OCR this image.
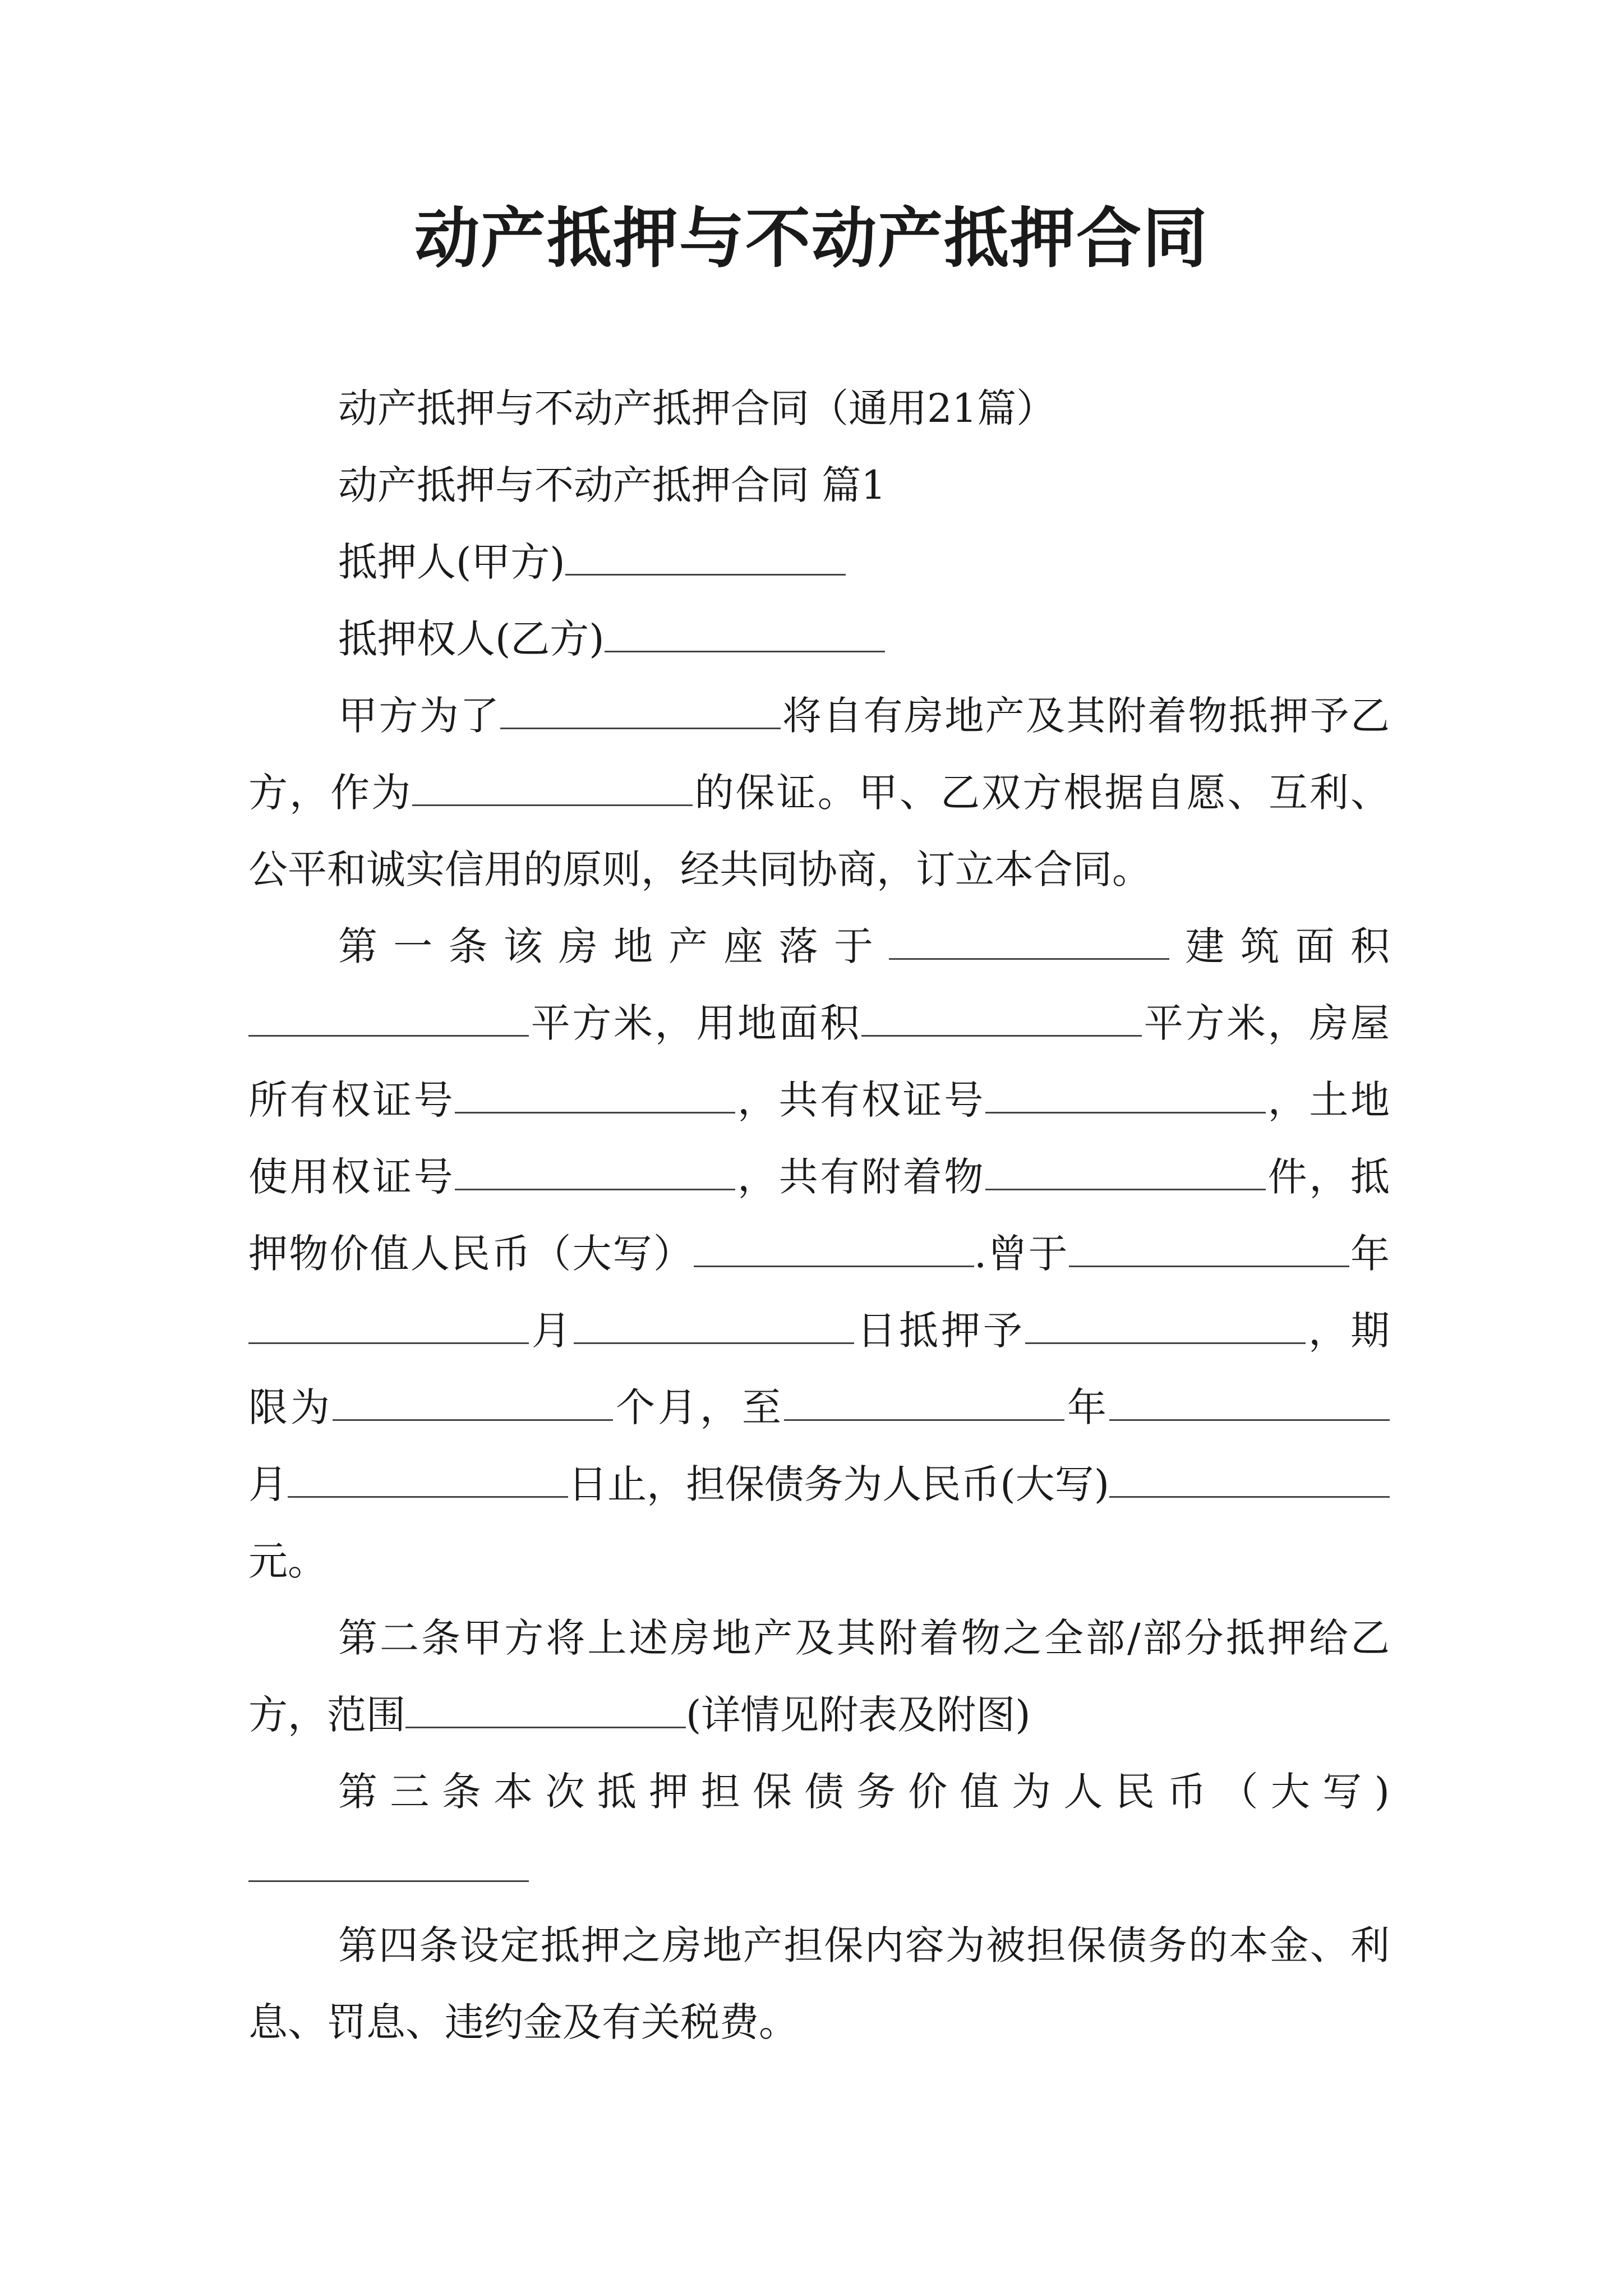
动产抵押与不动产抵押合同
动产抵押与不动产抵押合同（通用21篇）
动产抵押与不动产抵押合同 篇1
抵押人(甲方)
抵押权人(乙方)
甲方为了	将自有房地产及其附着物抵押予乙方，作为	的保证。甲、乙双方根据自愿、互利、公平和诚实信用的原则，经共同协商，订立本合同。
第一条该房地产座落于	建筑面积平方米，用地面积	平方米，房屋所有权证号	，共有权证号	，土地使用权证号	，共有附着物	件，抵押物价值人民币（大写）	.曾于	年月	日抵押予	，期限为	个月，至	年月	日止，担保债务为人民币(大写)元。
第二条甲方将上述房地产及其附着物之全部/部分抵押给乙方，范围	(详情见附表及附图)
第三条本次抵押担保债务价值为人民币（大写)
第四条设定抵押之房地产担保内容为被担保债务的本金、利息、罚息、违约金及有关税费。
